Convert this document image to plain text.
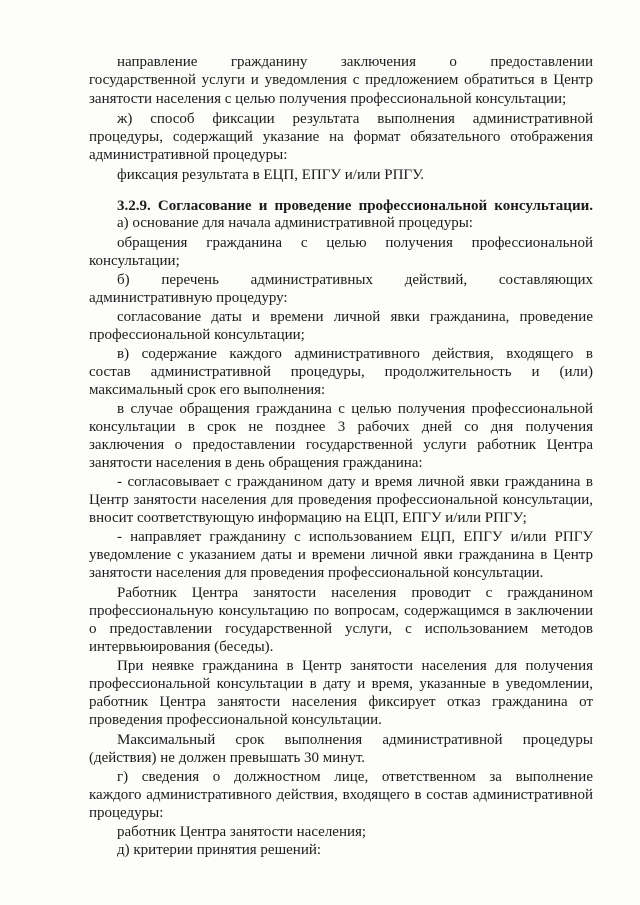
направление гражданину заключения о предоставлении
государственной услуги и уведомления с предложением обратиться в Центр
занятости населения с целью получения профессиональной консультации;
ж) способ фиксации результата выполнения административной
процедуры, содержащий указание на формат обязательного отображения
административной процедуры:
фиксация результата в ЕЦП, ЕПГУ и/или РПГУ.
3.2.9. Согласование и проведение профессиональной консультации.
а) основание для начала административной процедуры:
обращения гражданина с целью получения профессиональной
консультации;
б) перечень административных действий, составляющих
административную процедуру:
согласование даты и времени личной явки гражданина, проведение
профессиональной консультации;
в) содержание каждого административного действия, входящего в
состав административной процедуры, продолжительность и (или)
максимальный срок его выполнения:
в случае обращения гражданина с целью получения профессиональной
консультации в срок не позднее 3 рабочих дней со дня получения
заключения о предоставлении государственной услуги работник Центра
занятости населения в день обращения гражданина:
- согласовывает с гражданином дату и время личной явки гражданина в
Центр занятости населения для проведения профессиональной консультации,
вносит соответствующую информацию на ЕЦП, ЕПГУ и/или РПГУ;
- направляет гражданину с использованием ЕЦП, ЕПГУ и/или РПГУ
уведомление с указанием даты и времени личной явки гражданина в Центр
занятости населения для проведения профессиональной консультации.
Работник Центра занятости населения проводит с гражданином
профессиональную консультацию по вопросам, содержащимся в заключении
о предоставлении государственной услуги, с использованием методов
интервьюирования (беседы).
При неявке гражданина в Центр занятости населения для получения
профессиональной консультации в дату и время, указанные в уведомлении,
работник Центра занятости населения фиксирует отказ гражданина от
проведения профессиональной консультации.
Максимальный срок выполнения административной процедуры
(действия) не должен превышать 30 минут.
г) сведения о должностном лице, ответственном за выполнение
каждого административного действия, входящего в состав административной
процедуры:
работник Центра занятости населения;
д) критерии принятия решений:
